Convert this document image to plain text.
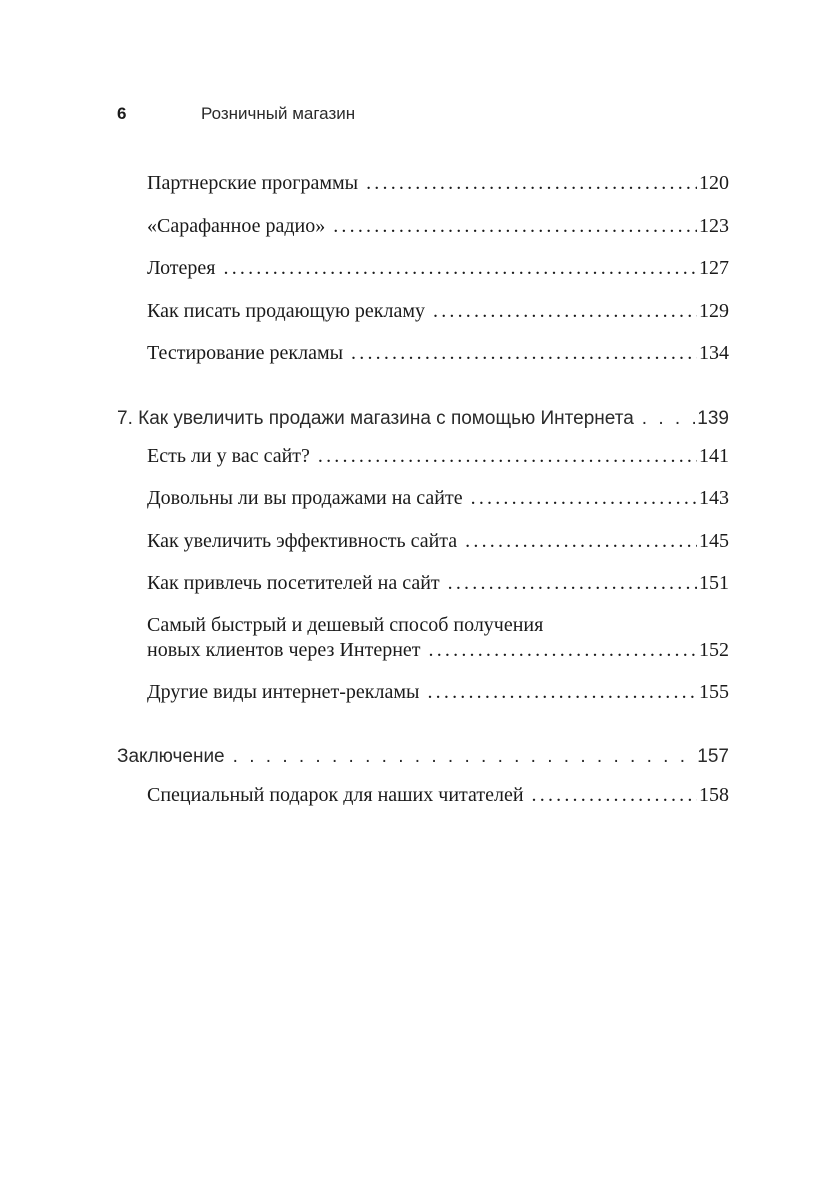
6	Розничный магазин
Партнерские программы .....	120
«Сарафанное радио» .....	123
Лотерея .....	127
Как писать продающую рекламу .....	129
Тестирование рекламы .....	134
7. Как увеличить продажи магазина с помощью Интернета . . .	139
Есть ли у вас сайт? .....	141
Довольны ли вы продажами на сайте .....	143
Как увеличить эффективность сайта .....	145
Как привлечь посетителей на сайт .....	151
Самый быстрый и дешевый способ получения
новых клиентов через Интернет .....	152
Другие виды интернет-рекламы .....	155
Заключение . . .	157
Специальный подарок для наших читателей .....	158
